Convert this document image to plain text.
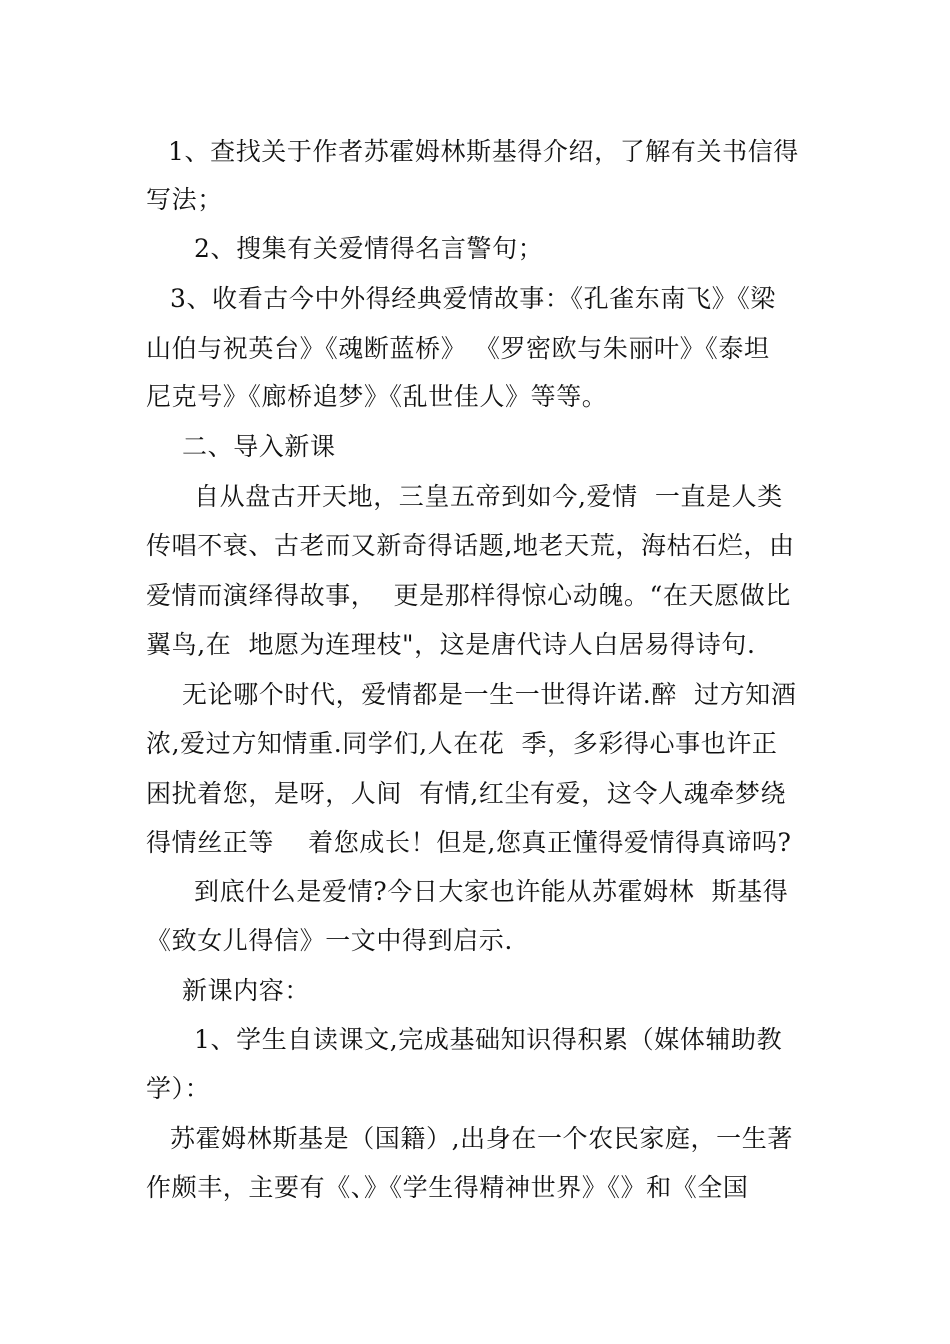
1、查找关于作者苏霍姆林斯基得介绍，了解有关书信得
写法；
2、搜集有关爱情得名言警句；
3、收看古今中外得经典爱情故事：《孔雀东南飞》《梁
山伯与祝英台》《魂断蓝桥》 《罗密欧与朱丽叶》《泰坦
尼克号》《廊桥追梦》《乱世佳人》等等。
二、导入新课
自从盘古开天地，三皇五帝到如今,爱情  一直是人类
传唱不衰、古老而又新奇得话题,地老天荒，海枯石烂，由
爱情而演绎得故事，  更是那样得惊心动魄。“在天愿做比
翼鸟,在  地愿为连理枝"，这是唐代诗人白居易得诗句.
无论哪个时代，爱情都是一生一世得许诺.醉  过方知酒
浓,爱过方知情重.同学们,人在花  季，多彩得心事也许正
困扰着您，是呀，人间  有情,红尘有爱，这令人魂牵梦绕
得情丝正等    着您成长！但是,您真正懂得爱情得真谛吗?
到底什么是爱情?今日大家也许能从苏霍姆林  斯基得
《致女儿得信》一文中得到启示.
新课内容：
1、学生自读课文,完成基础知识得积累（媒体辅助教
学）：
苏霍姆林斯基是（国籍）,出身在一个农民家庭，一生著
作颇丰，主要有《、》《学生得精神世界》《》和《全国
